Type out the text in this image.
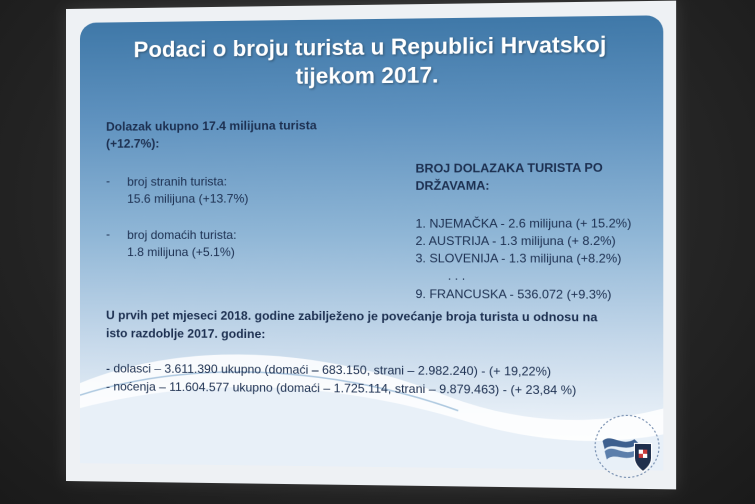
Podaci o broju turista u Republici Hrvatskoj
tijekom 2017.
Dolazak ukupno 17.4 milijuna turista
(+12.7%):
- broj stranih turista:
15.6 milijuna (+13.7%)
- broj domaćih turista:
1.8 milijuna (+5.1%)
BROJ DOLAZAKA TURISTA PO
DRŽAVAMA:
1. NJEMAČKA - 2.6 milijuna (+ 15.2%)
2. AUSTRIJA - 1.3 milijuna (+ 8.2%)
3. SLOVENIJA - 1.3 milijuna (+8.2%)
. . .
9. FRANCUSKA - 536.072 (+9.3%)
U prvih pet mjeseci 2018. godine zabilježeno je povećanje broja turista u odnosu na
isto razdoblje 2017. godine:
- dolasci – 3.611.390 ukupno (domaći – 683.150, strani – 2.982.240) - (+ 19,22%)
- noćenja – 11.604.577 ukupno (domaći – 1.725.114, strani – 9.879.463) - (+ 23,84 %)
